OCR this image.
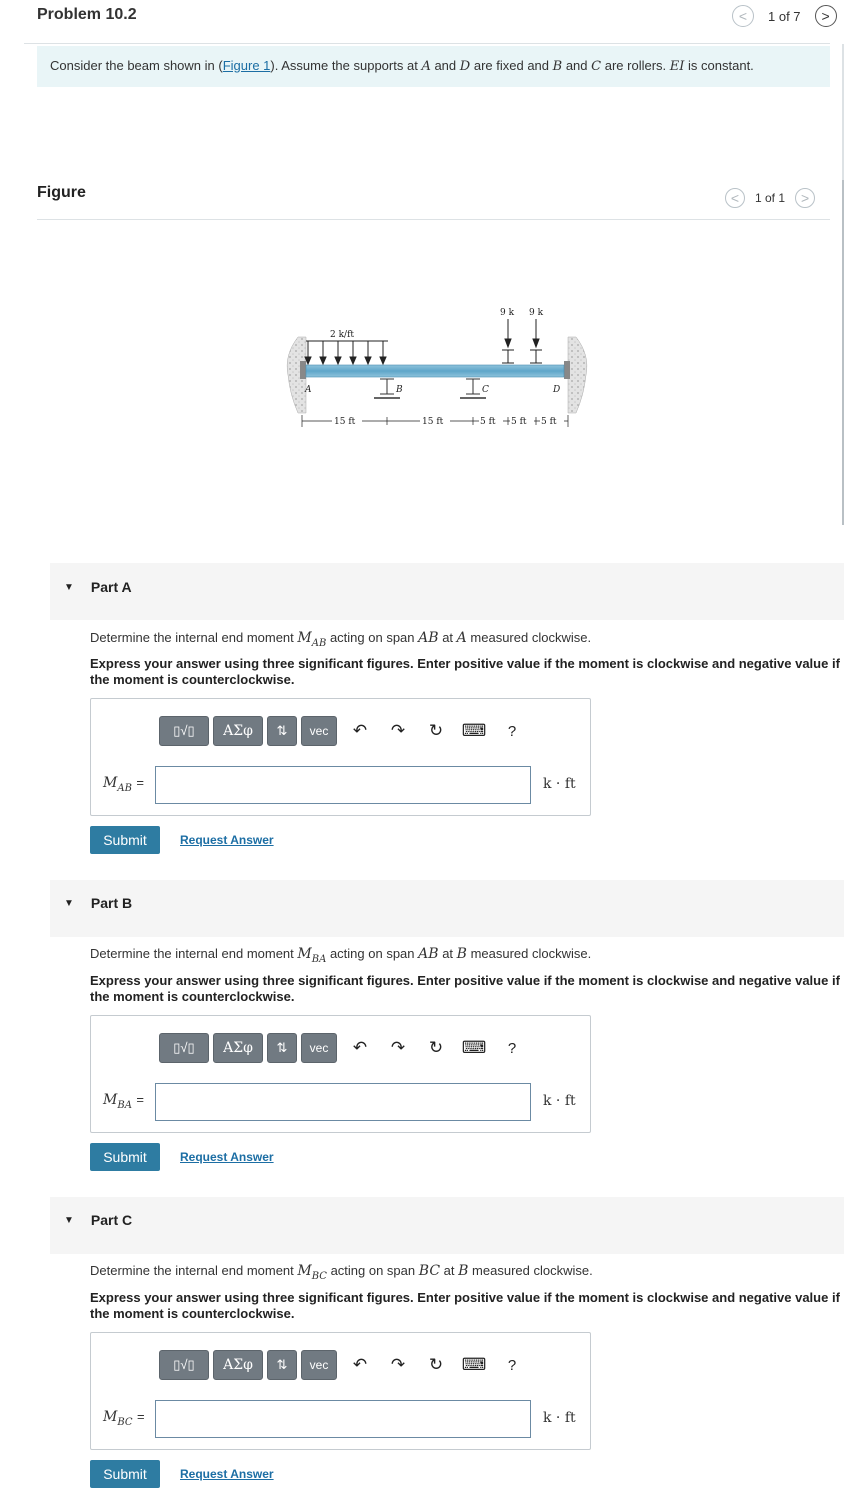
Problem 10.2	< 1 of 7 >
Consider the beam shown in (Figure 1). Assume the supports at A and D are fixed and B and C are rollers. EI is constant.
Figure	< 1 of 1 >
2 k/ft
9 k 9 k
A	B	C	D
15 ft	15 ft	5 ft 5 ft 5 ft
▼ Part A
Determine the internal end moment $M_{AB}$ acting on span AB at A measured clockwise.
Express your answer using three significant figures. Enter positive value if the moment is clockwise and negative value if the moment is counterclockwise.
▯√▯	ΑΣφ	⇅	vec	↶	↷	↻	⌨	?
$M_{AB}$ =	k · ft
Submit	Request Answer
▼ Part B
Determine the internal end moment $M_{BA}$ acting on span AB at B measured clockwise.
Express your answer using three significant figures. Enter positive value if the moment is clockwise and negative value if the moment is counterclockwise.
▯√▯	ΑΣφ	⇅	vec	↶	↷	↻	⌨	?
$M_{BA}$ =	k · ft
Submit	Request Answer
▼ Part C
Determine the internal end moment $M_{BC}$ acting on span BC at B measured clockwise.
Express your answer using three significant figures. Enter positive value if the moment is clockwise and negative value if the moment is counterclockwise.
▯√▯	ΑΣφ	⇅	vec	↶	↷	↻	⌨	?
$M_{BC}$ =	k · ft
Submit	Request Answer
